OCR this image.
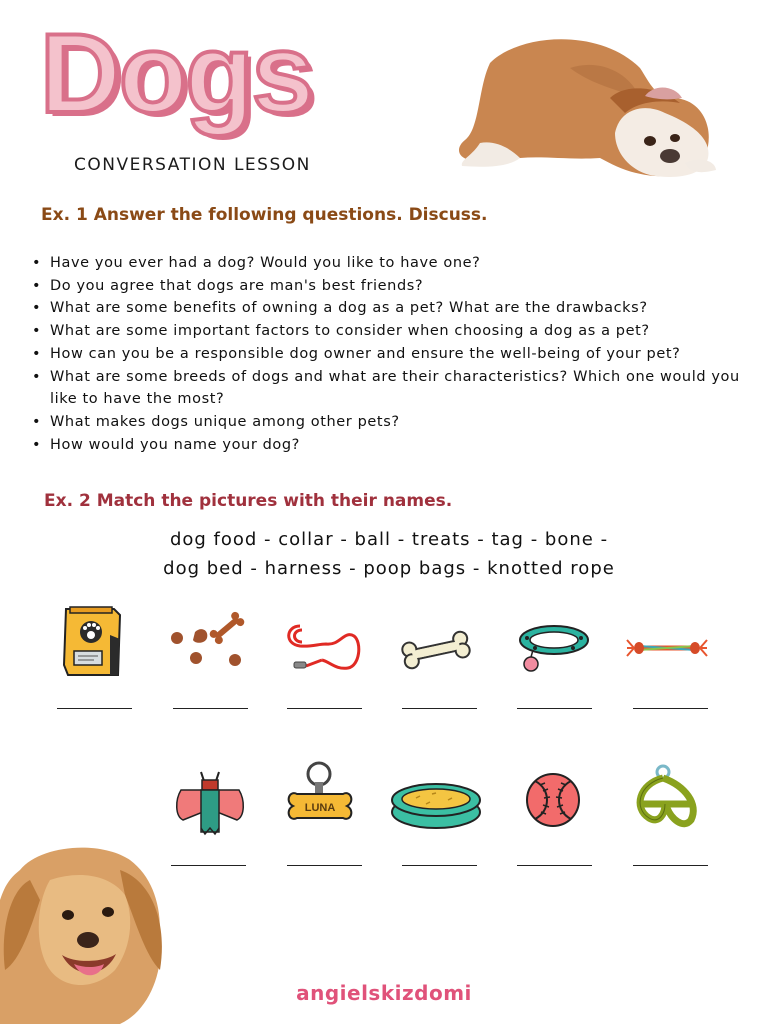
Dogs
CONVERSATION LESSON
Ex. 1 Answer the following questions. Discuss.
• Have you ever had a dog? Would you like to have one?
• Do you agree that dogs are man's best friends?
• What are some benefits of owning a dog as a pet? What are the drawbacks?
• What are some important factors to consider when choosing a dog as a pet?
• How can you be a responsible dog owner and ensure the well-being of your pet?
• What are some breeds of dogs and what are their characteristics? Which one would you like to have the most?
• What makes dogs unique among other pets?
• How would you name your dog?
Ex. 2 Match the pictures with their names.
dog food - collar - ball - treats - tag - bone -
dog bed - harness - poop bags - knotted rope
LUNA
angielskizdomi
